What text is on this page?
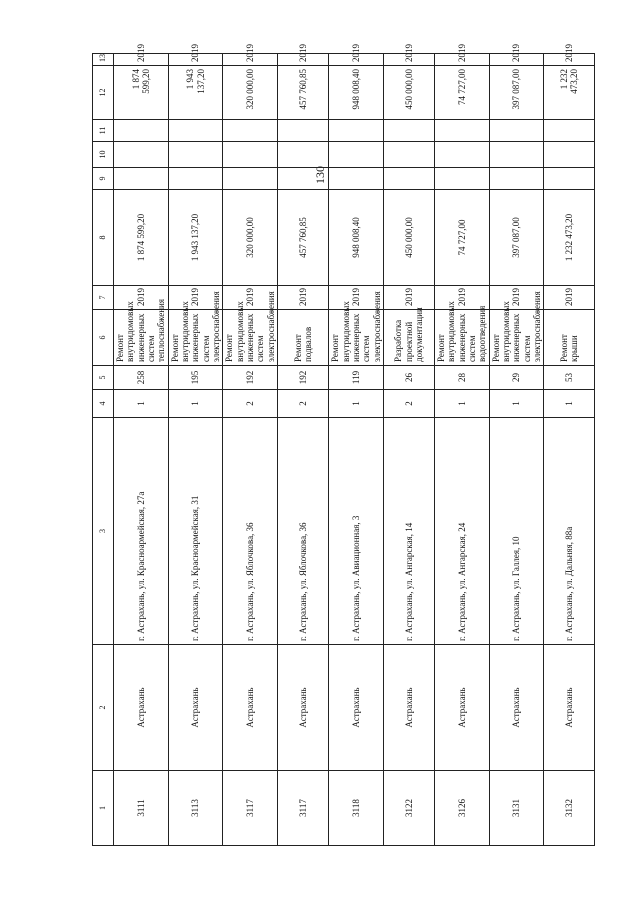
130
1	2	3	4	5	6	7	8	9	10	11	12	13
3111	Астрахань	г. Астрахань, ул. Красноармейская, 27а	1	258	Ремонт внутридомовых инженерных систем теплоснабжения	2019	1 874 599,20				1 874 599,20	2019
3113	Астрахань	г. Астрахань, ул. Красноармейская, 31	1	195	Ремонт внутридомовых инженерных систем электроснабжения	2019	1 943 137,20				1 943 137,20	2019
3117	Астрахань	г. Астрахань, ул. Яблочкова, 36	2	192	Ремонт внутридомовых инженерных систем электроснабжения	2019	320 000,00				320 000,00	2019
3117	Астрахань	г. Астрахань, ул. Яблочкова, 36	2	192	Ремонт подвалов	2019	457 760,85				457 760,85	2019
3118	Астрахань	г. Астрахань, ул. Авиационная, 3	1	119	Ремонт внутридомовых инженерных систем электроснабжения	2019	948 008,40				948 008,40	2019
3122	Астрахань	г. Астрахань, ул. Ангарская, 14	2	26	Разработка проектной документации	2019	450 000,00				450 000,00	2019
3126	Астрахань	г. Астрахань, ул. Ангарская, 24	1	28	Ремонт внутридомовых инженерных систем водоотведения	2019	74 727,00				74 727,00	2019
3131	Астрахань	г. Астрахань, ул. Галлея, 10	1	29	Ремонт внутридомовых инженерных систем электроснабжения	2019	397 087,00				397 087,00	2019
3132	Астрахань	г. Астрахань, ул. Дальняя, 88а	1	53	Ремонт крыши	2019	1 232 473,20				1 232 473,20	2019
